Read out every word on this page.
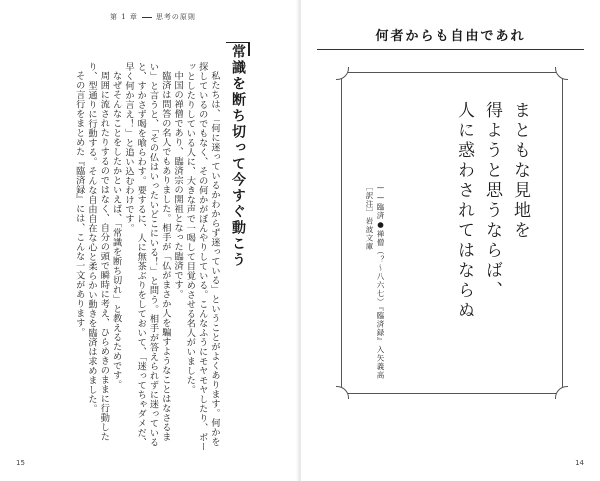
第 1 章	思考の原則
常識を断ち切って今すぐ動こう

私たちは、「何に迷っているかわからず迷っている」ということがよくあります。何かを探しているのでもなく、その何かがぼんやりしている。こんなふうにモヤモヤしたり、ボーッとしたりしている人に、大きな声で一喝して目覚めさせる名人がいました。

中国の禅僧であり、臨済宗の開祖となった臨済です。

臨済は問答の名人でもありました。相手が「仏がまさか人を騙すようなことはなさるまい」と言うと、「その仏はいったいどこにいる！」と問う。相手が答えられずに迷っていると、すかさず喝を喰らわす。要するに、人に無茶ぶりをしておいて、「迷ってちゃダメだ、早く何か言え！」と追い込むわけです。

なぜそんなことをしたかといえば、「常識を断ち切れ」と教えるためです。

周囲に流されたりするのではなく、自分の頭で瞬時に考え、ひらめきのままに行動したり、型通りに行動する。そんな自由自在な心と柔らかい動きを臨済は求めました。

その言行をまとめた『臨済録』には、こんな一文があります。

15
何者からも自由であれ
まともな見地を
得ようと思うならば、
人に惑わされてはならぬ
——臨済●禅僧（？〜八六七）『臨済録』入矢義高［訳注］岩波文庫
14
